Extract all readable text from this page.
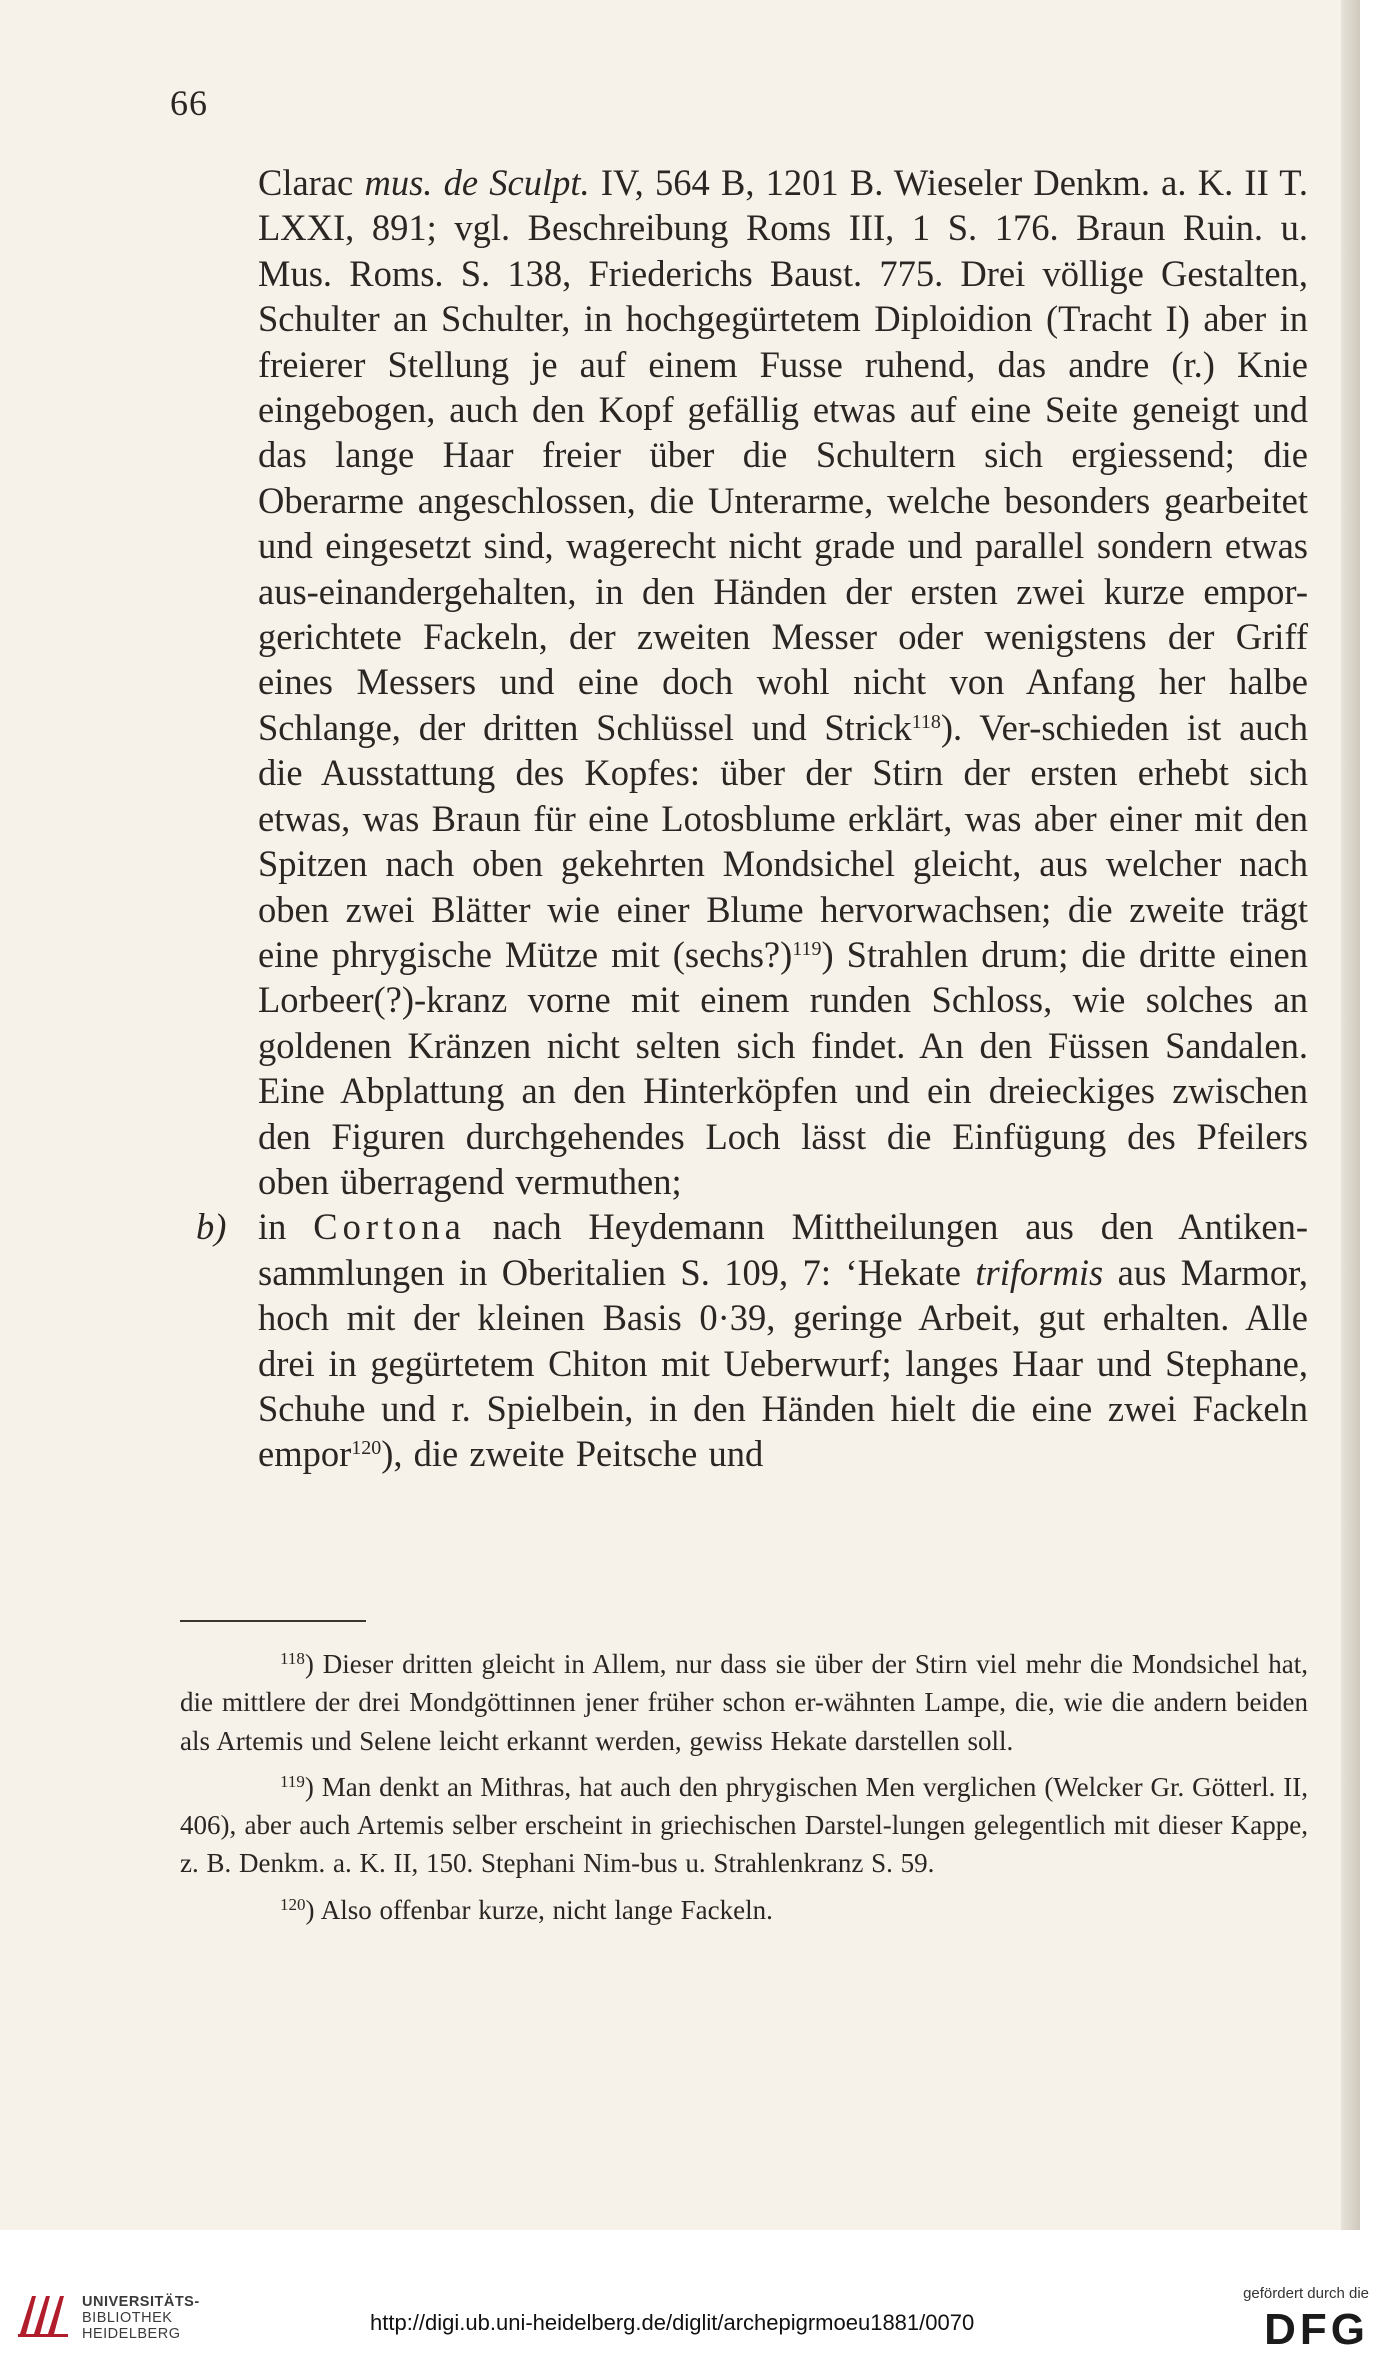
66

Clarac mus. de Sculpt. IV, 564 B, 1201 B. Wieseler Denkm. a. K. II T. LXXI, 891; vgl. Beschreibung Roms III, 1 S. 176. Braun Ruin. u. Mus. Roms. S. 138, Friederichs Baust. 775. Drei völlige Gestalten, Schulter an Schulter, in hochgegürtetem Diploidion (Tracht I) aber in freierer Stellung je auf einem Fusse ruhend, das andre (r.) Knie eingebogen, auch den Kopf gefällig etwas auf eine Seite geneigt und das lange Haar freier über die Schultern sich ergiessend; die Oberarme angeschlossen, die Unterarme, welche besonders gearbeitet und eingesetzt sind, wagerecht nicht grade und parallel sondern etwas aus-einandergehalten, in den Händen der ersten zwei kurze empor-gerichtete Fackeln, der zweiten Messer oder wenigstens der Griff eines Messers und eine doch wohl nicht von Anfang her halbe Schlange, der dritten Schlüssel und Strick$^{118}$). Ver-schieden ist auch die Ausstattung des Kopfes: über der Stirn der ersten erhebt sich etwas, was Braun für eine Lotosblume erklärt, was aber einer mit den Spitzen nach oben gekehrten Mondsichel gleicht, aus welcher nach oben zwei Blätter wie einer Blume hervorwachsen; die zweite trägt eine phrygische Mütze mit (sechs?)$^{119}$) Strahlen drum; die dritte einen Lorbeer(?)-kranz vorne mit einem runden Schloss, wie solches an goldenen Kränzen nicht selten sich findet. An den Füssen Sandalen. Eine Abplattung an den Hinterköpfen und ein dreieckiges zwischen den Figuren durchgehendes Loch lässt die Einfügung des Pfeilers oben überragend vermuthen;

b) in Cortona nach Heydemann Mittheilungen aus den Antiken-sammlungen in Oberitalien S. 109, 7: ‘Hekate triformis aus Marmor, hoch mit der kleinen Basis 0·39, geringe Arbeit, gut erhalten. Alle drei in gegürtetem Chiton mit Ueberwurf; langes Haar und Stephane, Schuhe und r. Spielbein, in den Händen hielt die eine zwei Fackeln empor$^{120}$), die zweite Peitsche und

$^{118}$) Dieser dritten gleicht in Allem, nur dass sie über der Stirn viel mehr die Mondsichel hat, die mittlere der drei Mondgöttinnen jener früher schon er-wähnten Lampe, die, wie die andern beiden als Artemis und Selene leicht erkannt werden, gewiss Hekate darstellen soll.

$^{119}$) Man denkt an Mithras, hat auch den phrygischen Men verglichen (Welcker Gr. Götterl. II, 406), aber auch Artemis selber erscheint in griechischen Darstel-lungen gelegentlich mit dieser Kappe, z. B. Denkm. a. K. II, 150. Stephani Nim-bus u. Strahlenkranz S. 59.

$^{120}$) Also offenbar kurze, nicht lange Fackeln.

UNIVERSITÄTS-
BIBLIOTHEK
HEIDELBERG	http://digi.ub.uni-heidelberg.de/diglit/archepigrmoeu1881/0070
gefördert durch die
DFG
